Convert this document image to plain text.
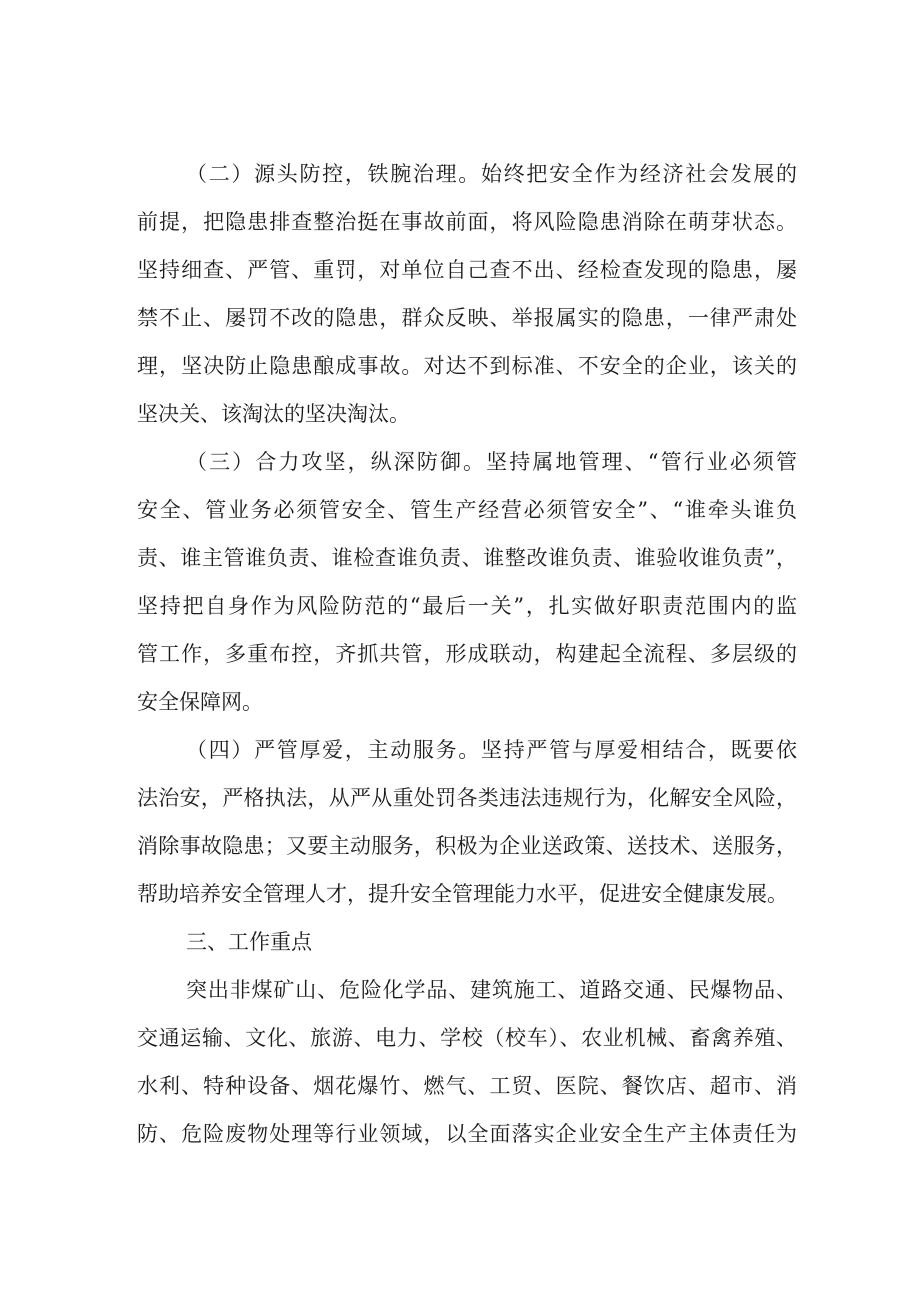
（二）源头防控，铁腕治理。始终把安全作为经济社会发展的
前提，把隐患排查整治挺在事故前面，将风险隐患消除在萌芽状态。
坚持细查、严管、重罚，对单位自己查不出、经检查发现的隐患，屡
禁不止、屡罚不改的隐患，群众反映、举报属实的隐患，一律严肃处
理，坚决防止隐患酿成事故。对达不到标准、不安全的企业，该关的
坚决关、该淘汰的坚决淘汰。
（三）合力攻坚，纵深防御。坚持属地管理、“管行业必须管
安全、管业务必须管安全、管生产经营必须管安全”、“谁牵头谁负
责、谁主管谁负责、谁检查谁负责、谁整改谁负责、谁验收谁负责”，
坚持把自身作为风险防范的“最后一关”，扎实做好职责范围内的监
管工作，多重布控，齐抓共管，形成联动，构建起全流程、多层级的
安全保障网。
（四）严管厚爱，主动服务。坚持严管与厚爱相结合，既要依
法治安，严格执法，从严从重处罚各类违法违规行为，化解安全风险，
消除事故隐患；又要主动服务，积极为企业送政策、送技术、送服务，
帮助培养安全管理人才，提升安全管理能力水平，促进安全健康发展。
三、工作重点
突出非煤矿山、危险化学品、建筑施工、道路交通、民爆物品、
交通运输、文化、旅游、电力、学校（校车）、农业机械、畜禽养殖、
水利、特种设备、烟花爆竹、燃气、工贸、医院、餐饮店、超市、消
防、危险废物处理等行业领域，以全面落实企业安全生产主体责任为
